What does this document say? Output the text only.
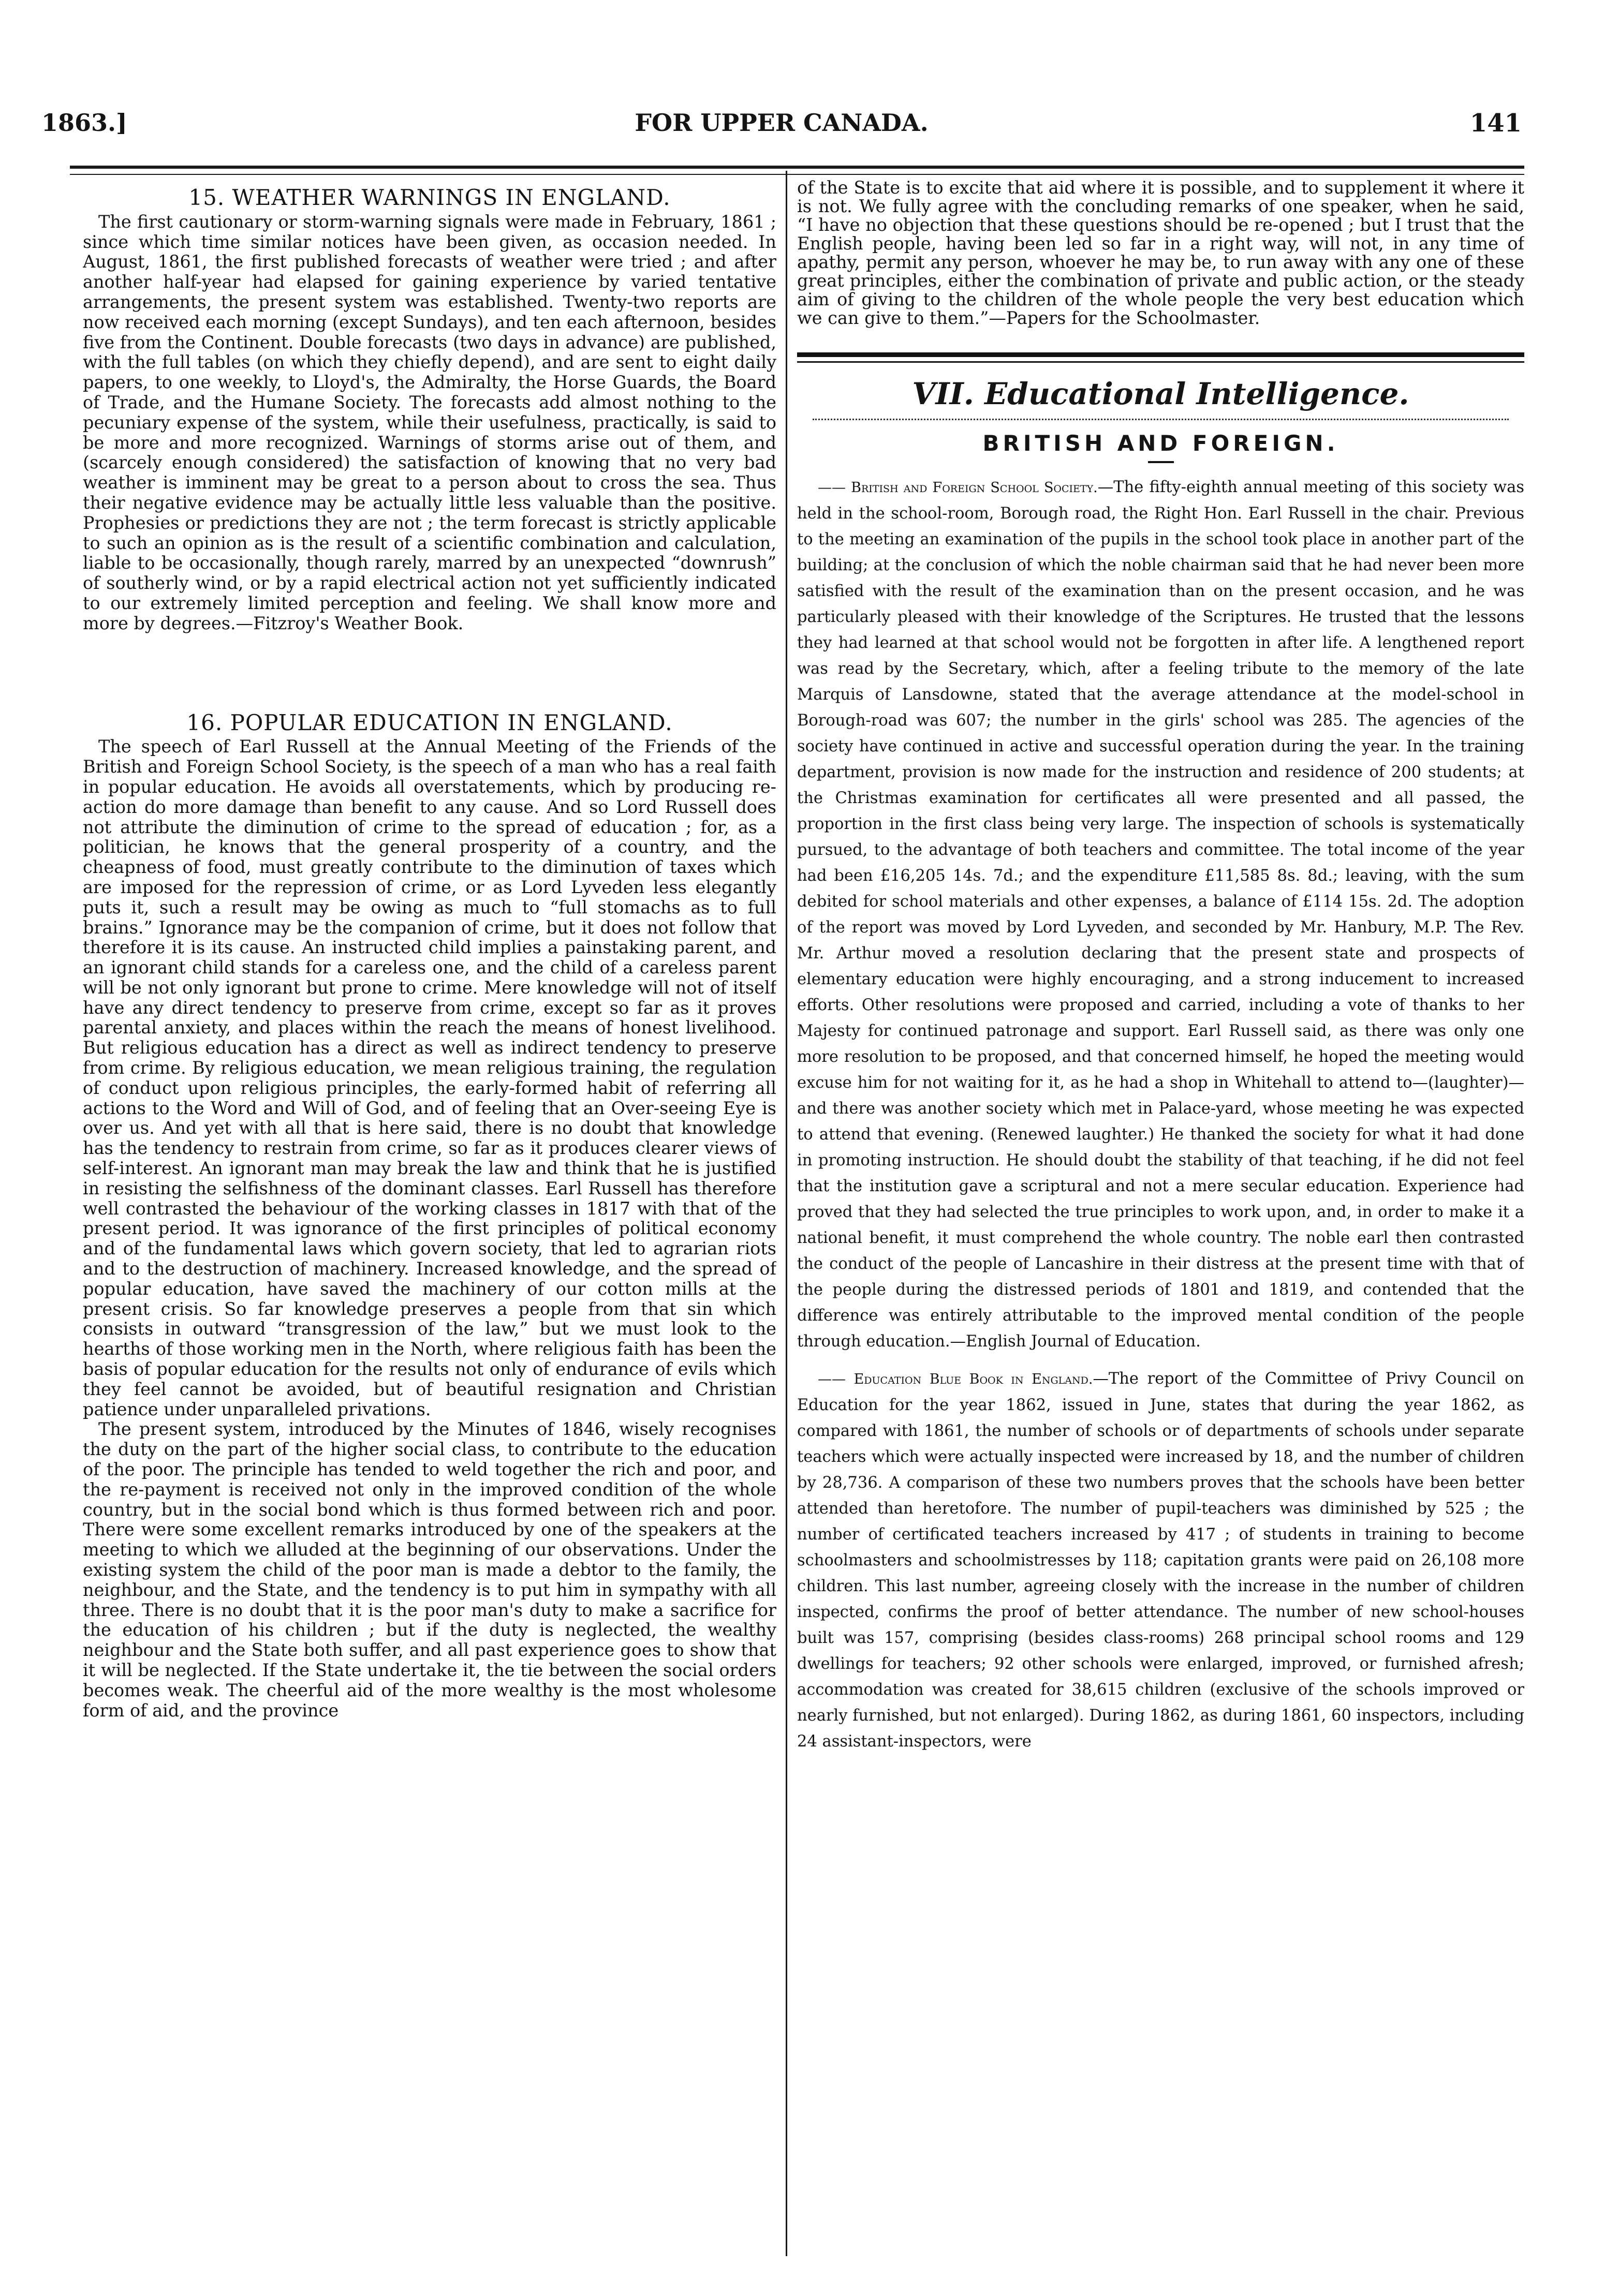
1863.]	FOR UPPER CANADA.	141
15. WEATHER WARNINGS IN ENGLAND.

The first cautionary or storm-warning signals were made in February, 1861 ; since which time similar notices have been given, as occasion needed. In August, 1861, the first published forecasts of weather were tried ; and after another half-year had elapsed for gaining experience by varied tentative arrangements, the present system was established. Twenty-two reports are now received each morning (except Sundays), and ten each afternoon, besides five from the Continent. Double forecasts (two days in advance) are published, with the full tables (on which they chiefly depend), and are sent to eight daily papers, to one weekly, to Lloyd's, the Admiralty, the Horse Guards, the Board of Trade, and the Humane Society. The forecasts add almost nothing to the pecuniary expense of the system, while their usefulness, practically, is said to be more and more recognized. Warnings of storms arise out of them, and (scarcely enough considered) the satisfaction of knowing that no very bad weather is imminent may be great to a person about to cross the sea. Thus their negative evidence may be actually little less valuable than the positive. Prophesies or predictions they are not ; the term forecast is strictly applicable to such an opinion as is the result of a scientific combination and calculation, liable to be occasionally, though rarely, marred by an unexpected “downrush” of southerly wind, or by a rapid electrical action not yet sufficiently indicated to our extremely limited perception and feeling. We shall know more and more by degrees.—Fitzroy's Weather Book.

16. POPULAR EDUCATION IN ENGLAND.

The speech of Earl Russell at the Annual Meeting of the Friends of the British and Foreign School Society, is the speech of a man who has a real faith in popular education. He avoids all overstatements, which by producing re-action do more damage than benefit to any cause. And so Lord Russell does not attribute the diminution of crime to the spread of education ; for, as a politician, he knows that the general prosperity of a country, and the cheapness of food, must greatly contribute to the diminution of taxes which are imposed for the repression of crime, or as Lord Lyveden less elegantly puts it, such a result may be owing as much to “full stomachs as to full brains.” Ignorance may be the companion of crime, but it does not follow that therefore it is its cause. An instructed child implies a painstaking parent, and an ignorant child stands for a careless one, and the child of a careless parent will be not only ignorant but prone to crime. Mere knowledge will not of itself have any direct tendency to preserve from crime, except so far as it proves parental anxiety, and places within the reach the means of honest livelihood. But religious education has a direct as well as indirect tendency to preserve from crime. By religious education, we mean religious training, the regulation of conduct upon religious principles, the early-formed habit of referring all actions to the Word and Will of God, and of feeling that an Over-seeing Eye is over us. And yet with all that is here said, there is no doubt that knowledge has the tendency to restrain from crime, so far as it produces clearer views of self-interest. An ignorant man may break the law and think that he is justified in resisting the selfishness of the dominant classes. Earl Russell has therefore well contrasted the behaviour of the working classes in 1817 with that of the present period. It was ignorance of the first principles of political economy and of the fundamental laws which govern society, that led to agrarian riots and to the destruction of machinery. Increased knowledge, and the spread of popular education, have saved the machinery of our cotton mills at the present crisis. So far knowledge preserves a people from that sin which consists in outward “transgression of the law,” but we must look to the hearths of those working men in the North, where religious faith has been the basis of popular education for the results not only of endurance of evils which they feel cannot be avoided, but of beautiful resignation and Christian patience under unparalleled privations.

The present system, introduced by the Minutes of 1846, wisely recognises the duty on the part of the higher social class, to contribute to the education of the poor. The principle has tended to weld together the rich and poor, and the re-payment is received not only in the improved condition of the whole country, but in the social bond which is thus formed between rich and poor. There were some excellent remarks introduced by one of the speakers at the meeting to which we alluded at the beginning of our observations. Under the existing system the child of the poor man is made a debtor to the family, the neighbour, and the State, and the tendency is to put him in sympathy with all three. There is no doubt that it is the poor man's duty to make a sacrifice for the education of his children ; but if the duty is neglected, the wealthy neighbour and the State both suffer, and all past experience goes to show that it will be neglected. If the State undertake it, the tie between the social orders becomes weak. The cheerful aid of the more wealthy is the most wholesome form of aid, and the province

of the State is to excite that aid where it is possible, and to supplement it where it is not. We fully agree with the concluding remarks of one speaker, when he said, “I have no objection that these questions should be re-opened ; but I trust that the English people, having been led so far in a right way, will not, in any time of apathy, permit any person, whoever he may be, to run away with any one of these great principles, either the combination of private and public action, or the steady aim of giving to the children of the whole people the very best education which we can give to them.”—Papers for the Schoolmaster.

VII. Educational Intelligence.
BRITISH AND FOREIGN.

—— British and Foreign School Society.—The fifty-eighth annual meeting of this society was held in the school-room, Borough road, the Right Hon. Earl Russell in the chair. Previous to the meeting an examination of the pupils in the school took place in another part of the building; at the conclusion of which the noble chairman said that he had never been more satisfied with the result of the examination than on the present occasion, and he was particularly pleased with their knowledge of the Scriptures. He trusted that the lessons they had learned at that school would not be forgotten in after life. A lengthened report was read by the Secretary, which, after a feeling tribute to the memory of the late Marquis of Lansdowne, stated that the average attendance at the model-school in Borough-road was 607; the number in the girls' school was 285. The agencies of the society have continued in active and successful operation during the year. In the training department, provision is now made for the instruction and residence of 200 students; at the Christmas examination for certificates all were presented and all passed, the proportion in the first class being very large. The inspection of schools is systematically pursued, to the advantage of both teachers and committee. The total income of the year had been £16,205 14s. 7d.; and the expenditure £11,585 8s. 8d.; leaving, with the sum debited for school materials and other expenses, a balance of £114 15s. 2d. The adoption of the report was moved by Lord Lyveden, and seconded by Mr. Hanbury, M.P. The Rev. Mr. Arthur moved a resolution declaring that the present state and prospects of elementary education were highly encouraging, and a strong inducement to increased efforts. Other resolutions were proposed and carried, including a vote of thanks to her Majesty for continued patronage and support. Earl Russell said, as there was only one more resolution to be proposed, and that concerned himself, he hoped the meeting would excuse him for not waiting for it, as he had a shop in Whitehall to attend to—(laughter)—and there was another society which met in Palace-yard, whose meeting he was expected to attend that evening. (Renewed laughter.) He thanked the society for what it had done in promoting instruction. He should doubt the stability of that teaching, if he did not feel that the institution gave a scriptural and not a mere secular education. Experience had proved that they had selected the true principles to work upon, and, in order to make it a national benefit, it must comprehend the whole country. The noble earl then contrasted the conduct of the people of Lancashire in their distress at the present time with that of the people during the distressed periods of 1801 and 1819, and contended that the difference was entirely attributable to the improved mental condition of the people through education.—English Journal of Education.

—— Education Blue Book in England.—The report of the Committee of Privy Council on Education for the year 1862, issued in June, states that during the year 1862, as compared with 1861, the number of schools or of departments of schools under separate teachers which were actually inspected were increased by 18, and the number of children by 28,736. A comparison of these two numbers proves that the schools have been better attended than heretofore. The number of pupil-teachers was diminished by 525 ; the number of certificated teachers increased by 417 ; of students in training to become schoolmasters and schoolmistresses by 118; capitation grants were paid on 26,108 more children. This last number, agreeing closely with the increase in the number of children inspected, confirms the proof of better attendance. The number of new school-houses built was 157, comprising (besides class-rooms) 268 principal school rooms and 129 dwellings for teachers; 92 other schools were enlarged, improved, or furnished afresh; accommodation was created for 38,615 children (exclusive of the schools improved or nearly furnished, but not enlarged). During 1862, as during 1861, 60 inspectors, including 24 assistant-inspectors, were
